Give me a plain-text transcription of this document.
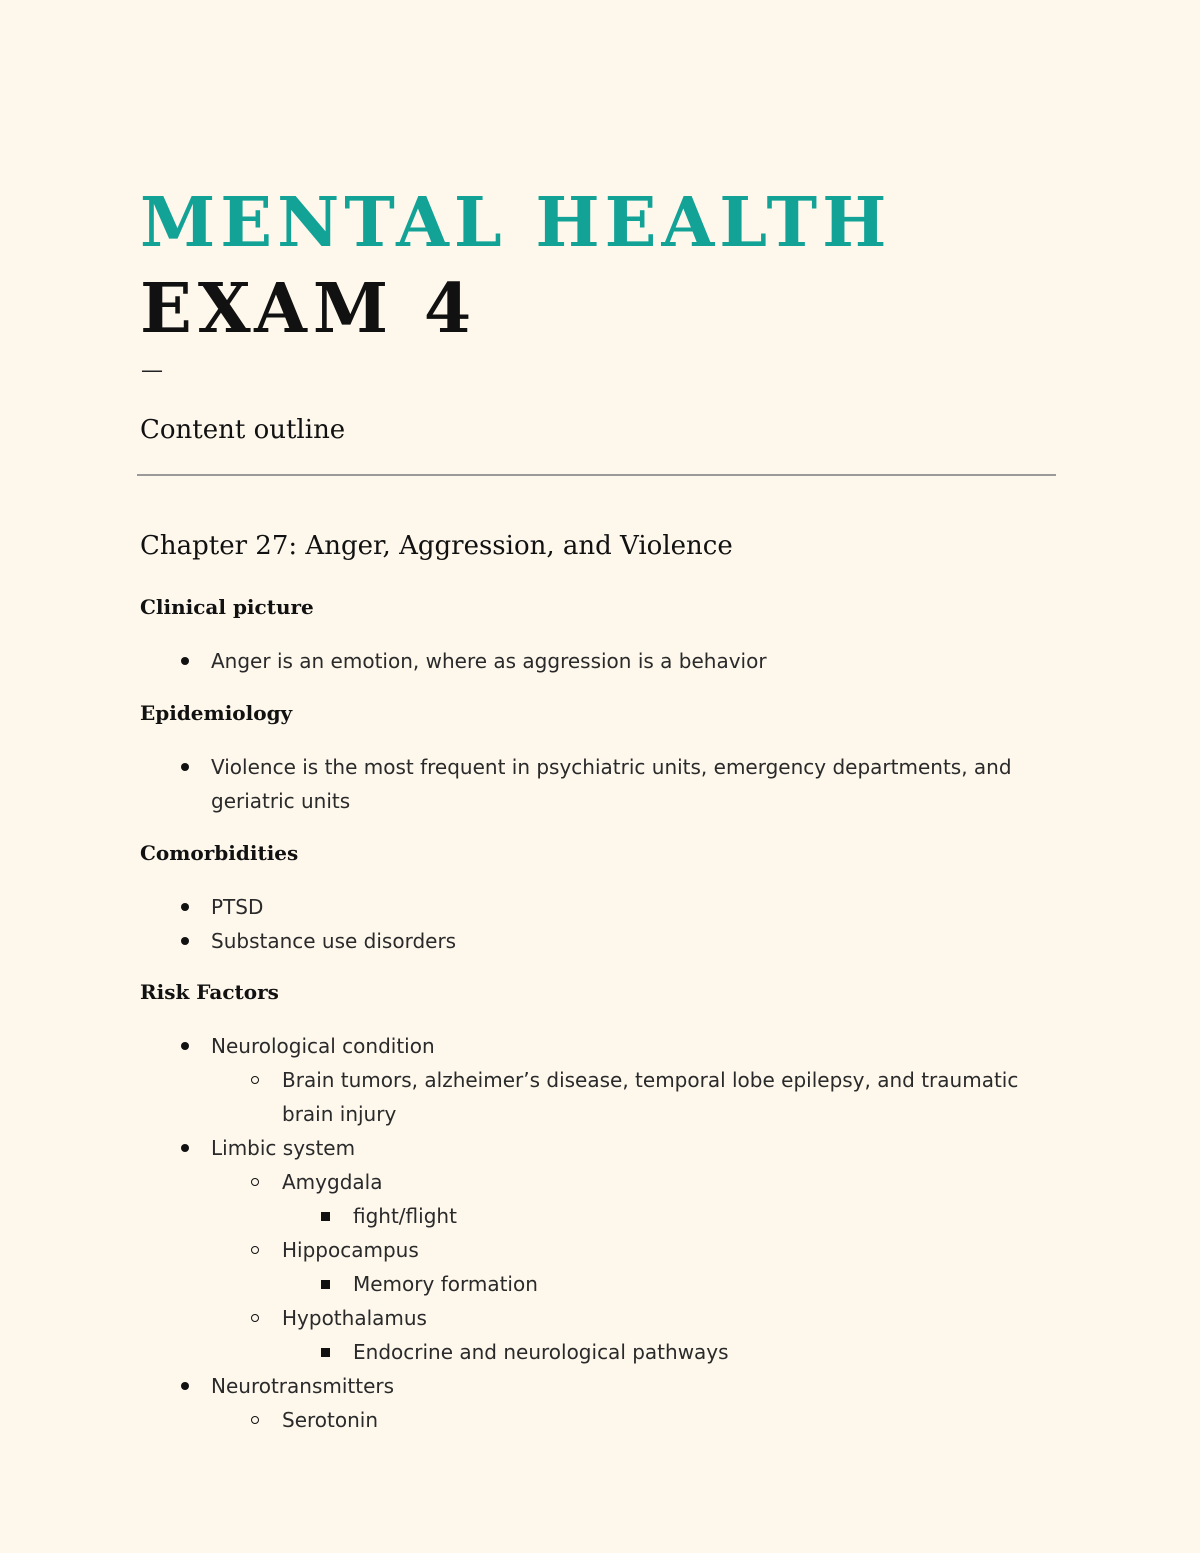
MENTAL HEALTH
EXAM 4
—
Content outline
Chapter 27: Anger, Aggression, and Violence
Clinical picture
Anger is an emotion, where as aggression is a behavior
Epidemiology
Violence is the most frequent in psychiatric units, emergency departments, and geriatric units
Comorbidities
PTSD
Substance use disorders
Risk Factors
Neurological condition
Brain tumors, alzheimer’s disease, temporal lobe epilepsy, and traumatic brain injury
Limbic system
Amygdala
fight/flight
Hippocampus
Memory formation
Hypothalamus
Endocrine and neurological pathways
Neurotransmitters
Serotonin
